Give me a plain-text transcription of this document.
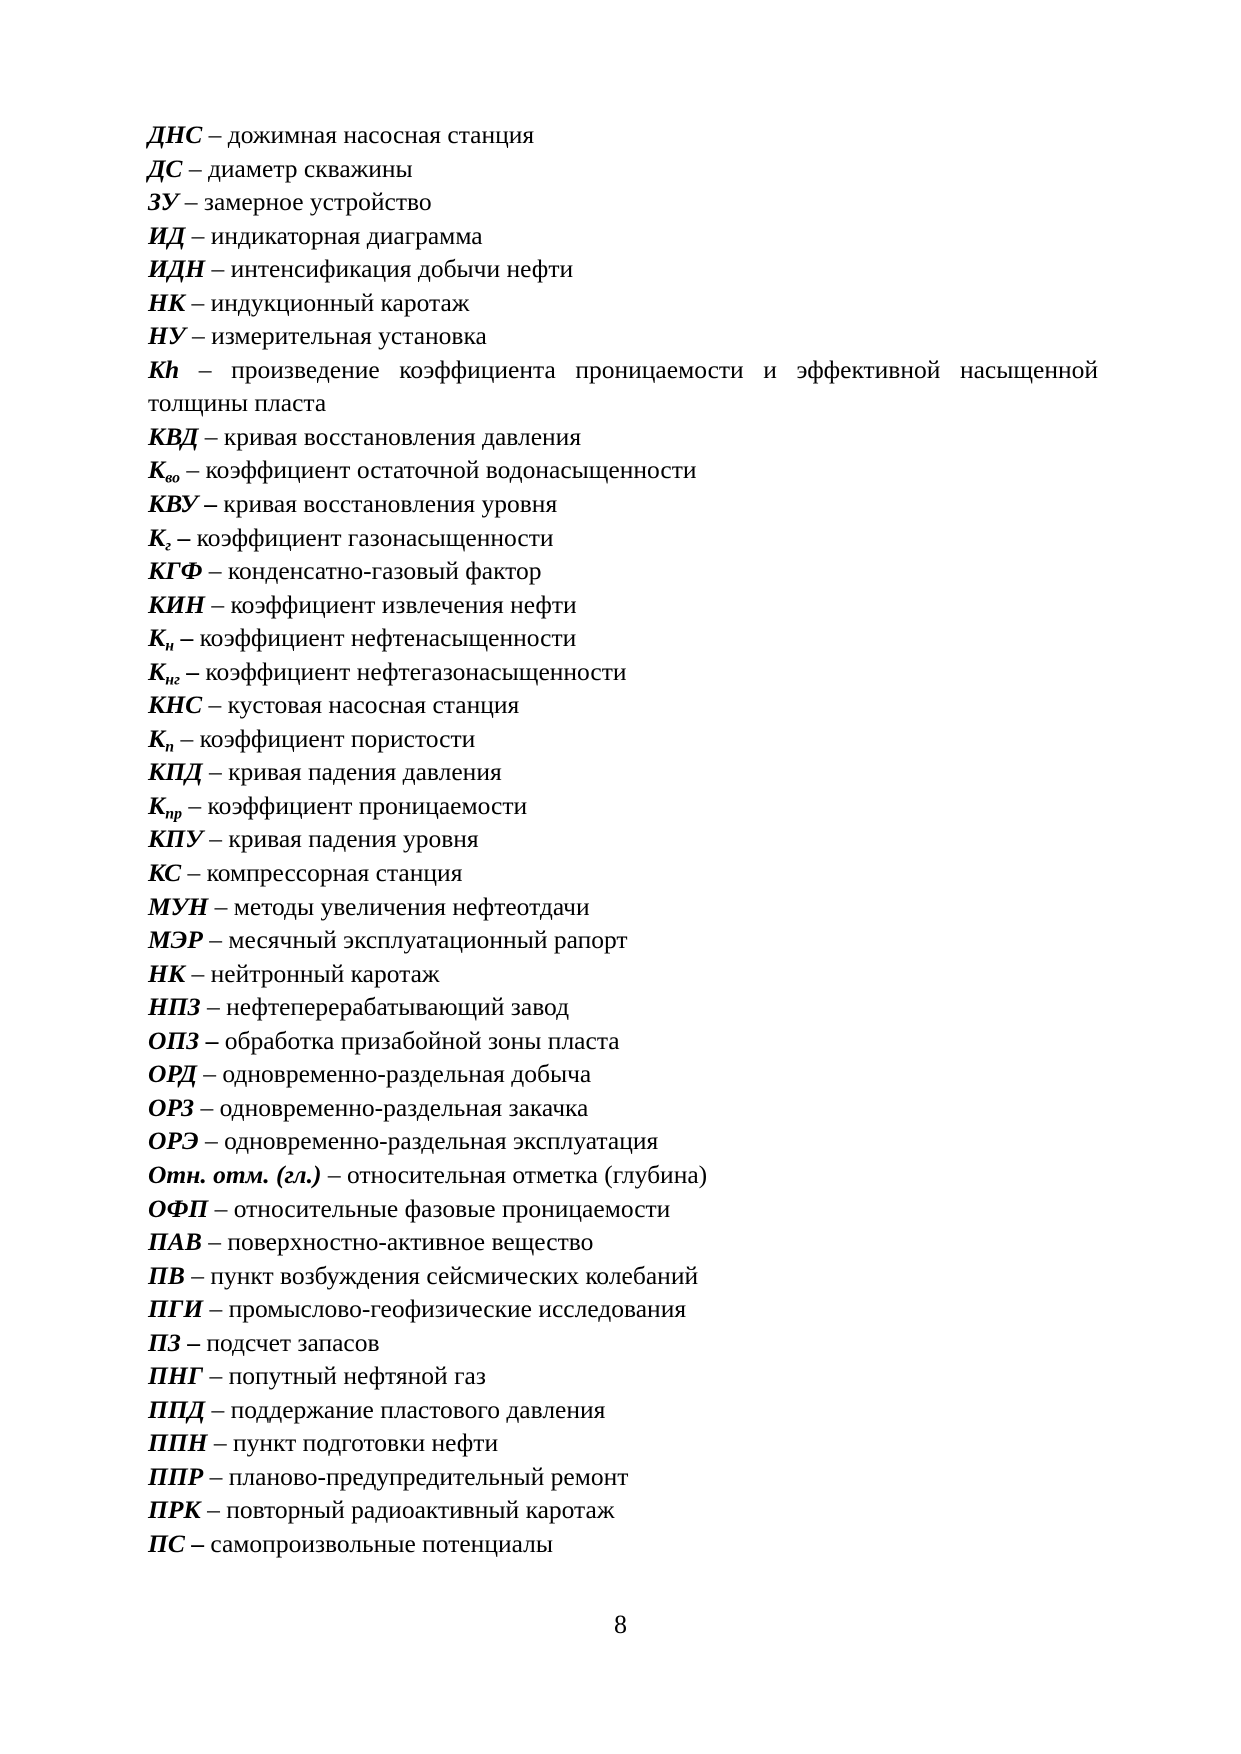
ДНС – дожимная насосная станция
ДС – диаметр скважины
ЗУ – замерное устройство
ИД – индикаторная диаграмма
ИДН – интенсификация добычи нефти
НК – индукционный каротаж
НУ – измерительная установка
Kh – произведение коэффициента проницаемости и эффективной насыщенной толщины пласта
КВД – кривая восстановления давления
$К_{во}$ – коэффициент остаточной водонасыщенности
КВУ – кривая восстановления уровня
$К_г$ – коэффициент газонасыщенности
КГФ – конденсатно-газовый фактор
КИН – коэффициент извлечения нефти
$К_н$ – коэффициент нефтенасыщенности
$К_{нг}$ – коэффициент нефтегазонасыщенности
КНС – кустовая насосная станция
$К_п$ – коэффициент пористости
КПД – кривая падения давления
$К_{пр}$ – коэффициент проницаемости
КПУ – кривая падения уровня
КС – компрессорная станция
МУН – методы увеличения нефтеотдачи
МЭР – месячный эксплуатационный рапорт
НК – нейтронный каротаж
НПЗ – нефтеперерабатывающий завод
ОПЗ – обработка призабойной зоны пласта
ОРД – одновременно-раздельная добыча
ОРЗ – одновременно-раздельная закачка
ОРЭ – одновременно-раздельная эксплуатация
Отн. отм. (гл.) – относительная отметка (глубина)
ОФП – относительные фазовые проницаемости
ПАВ – поверхностно-активное вещество
ПВ – пункт возбуждения сейсмических колебаний
ПГИ – промыслово-геофизические исследования
ПЗ – подсчет запасов
ПНГ – попутный нефтяной газ
ППД – поддержание пластового давления
ППН – пункт подготовки нефти
ППР – планово-предупредительный ремонт
ПРК – повторный радиоактивный каротаж
ПС – самопроизвольные потенциалы
8
